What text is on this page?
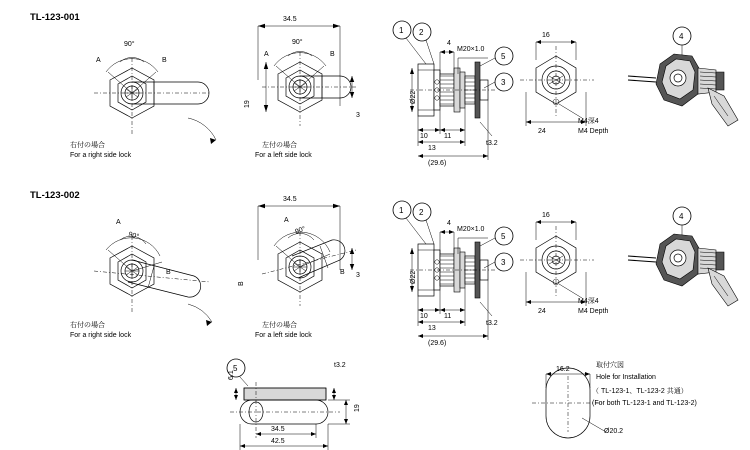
TL-123-001
A	B
90°
右付の場合
For a right side lock
A	B
90°
34.5
19
3
左付の場合
For a left side lock
1 2
5
3
4
M20×1.0
Ø22
10 11
13
t3.2
(29.6)
16
24
M4深4
M4 Depth
4
TL-123-002
A
B
90°
右付の場合
For a right side lock
A
B
90°
34.5
3
左付の場合
For a left side lock
B
1 2
5
3
4
M20×1.0
Ø22
10 11
13
t3.2
(29.6)
16
24
M4深4
M4 Depth
4
5
6.1
t3.2
19
34.5
42.5
16.2
Ø20.2
取付穴図
Hole for Installation
（ TL-123-1、TL-123-2 共通）
(For both TL-123-1 and TL-123-2)
